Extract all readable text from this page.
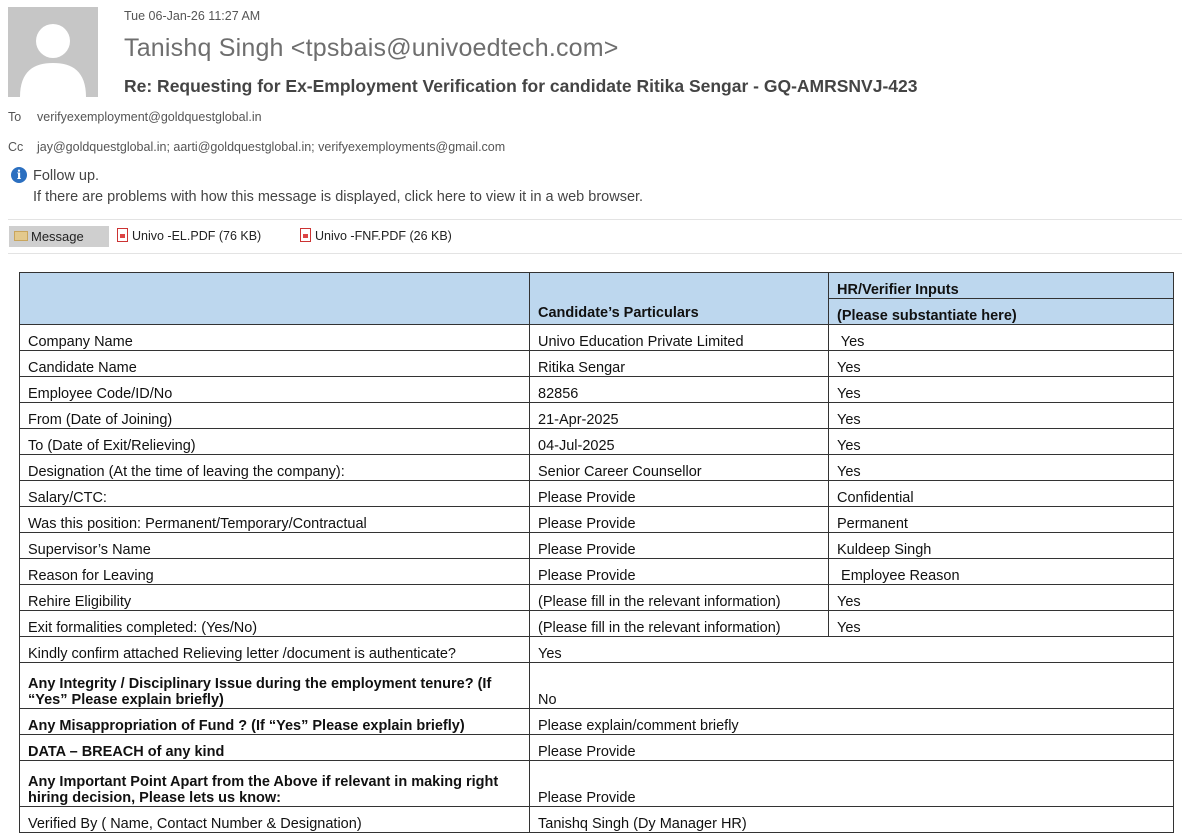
Tue 06-Jan-26 11:27 AM
Tanishq Singh <tpsbais@univoedtech.com>
Re: Requesting for Ex-Employment Verification for candidate Ritika Sengar - GQ-AMRSNVJ-423
To verifyexemployment@goldquestglobal.in
Cc jay@goldquestglobal.in; aarti@goldquestglobal.in; verifyexemployments@gmail.com
i Follow up.
If there are problems with how this message is displayed, click here to view it in a web browser.
Message	Univo -EL.PDF (76 KB)	Univo -FNF.PDF (26 KB)
	Candidate’s Particulars	HR/Verifier Inputs
		(Please substantiate here)
Company Name	Univo Education Private Limited	Yes
Candidate Name	Ritika Sengar	Yes
Employee Code/ID/No	82856	Yes
From (Date of Joining)	21-Apr-2025	Yes
To (Date of Exit/Relieving)	04-Jul-2025	Yes
Designation (At the time of leaving the company):	Senior Career Counsellor	Yes
Salary/CTC:	Please Provide	Confidential
Was this position: Permanent/Temporary/Contractual	Please Provide	Permanent
Supervisor’s Name	Please Provide	Kuldeep Singh
Reason for Leaving	Please Provide	Employee Reason
Rehire Eligibility	(Please fill in the relevant information)	Yes
Exit formalities completed: (Yes/No)	(Please fill in the relevant information)	Yes
Kindly confirm attached Relieving letter /document is authenticate?	Yes	
Any Integrity / Disciplinary Issue during the employment tenure? (If “Yes” Please explain briefly)	No	
Any Misappropriation of Fund ? (If “Yes” Please explain briefly)	Please explain/comment briefly	
DATA – BREACH of any kind	Please Provide	
Any Important Point Apart from the Above if relevant in making right hiring decision, Please lets us know:	Please Provide	
Verified By ( Name, Contact Number & Designation)	Tanishq Singh (Dy Manager HR)	
